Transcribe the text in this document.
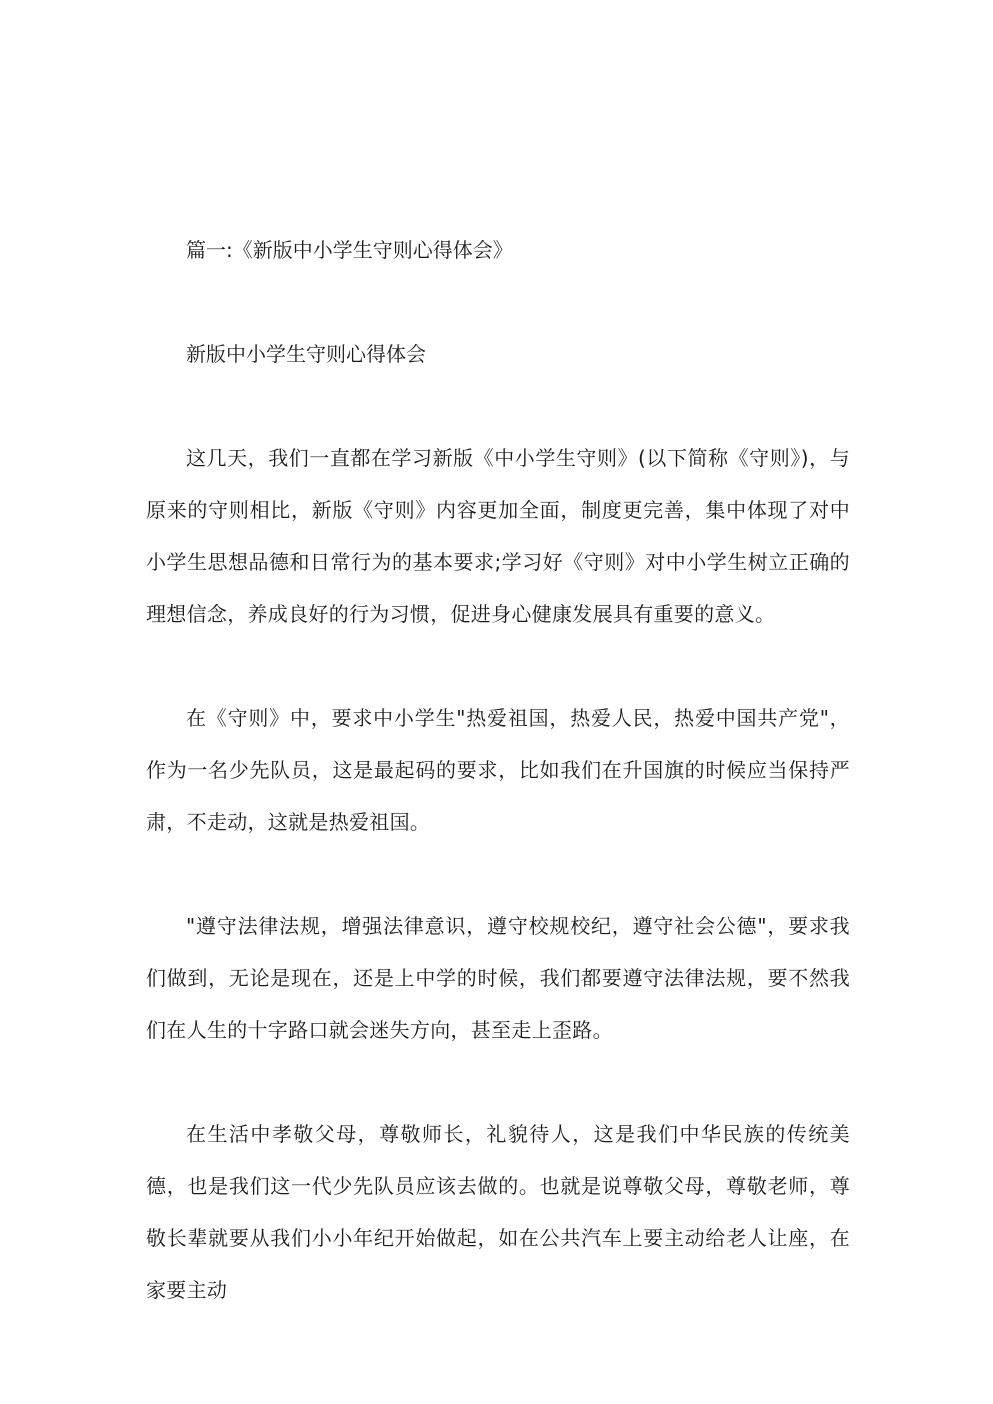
篇一:《新版中小学生守则心得体会》
新版中小学生守则心得体会

这几天，我们一直都在学习新版《中小学生守则》(以下简称《守则》)，与原来的守则相比，新版《守则》内容更加全面，制度更完善，集中体现了对中小学生思想品德和日常行为的基本要求;学习好《守则》对中小学生树立正确的理想信念，养成良好的行为习惯，促进身心健康发展具有重要的意义。

在《守则》中，要求中小学生"热爱祖国，热爱人民，热爱中国共产党"，作为一名少先队员，这是最起码的要求，比如我们在升国旗的时候应当保持严肃，不走动，这就是热爱祖国。

"遵守法律法规，增强法律意识，遵守校规校纪，遵守社会公德"，要求我们做到，无论是现在，还是上中学的时候，我们都要遵守法律法规，要不然我们在人生的十字路口就会迷失方向，甚至走上歪路。

在生活中孝敬父母，尊敬师长，礼貌待人，这是我们中华民族的传统美德，也是我们这一代少先队员应该去做的。也就是说尊敬父母，尊敬老师，尊敬长辈就要从我们小小年纪开始做起，如在公共汽车上要主动给老人让座，在家要主动
